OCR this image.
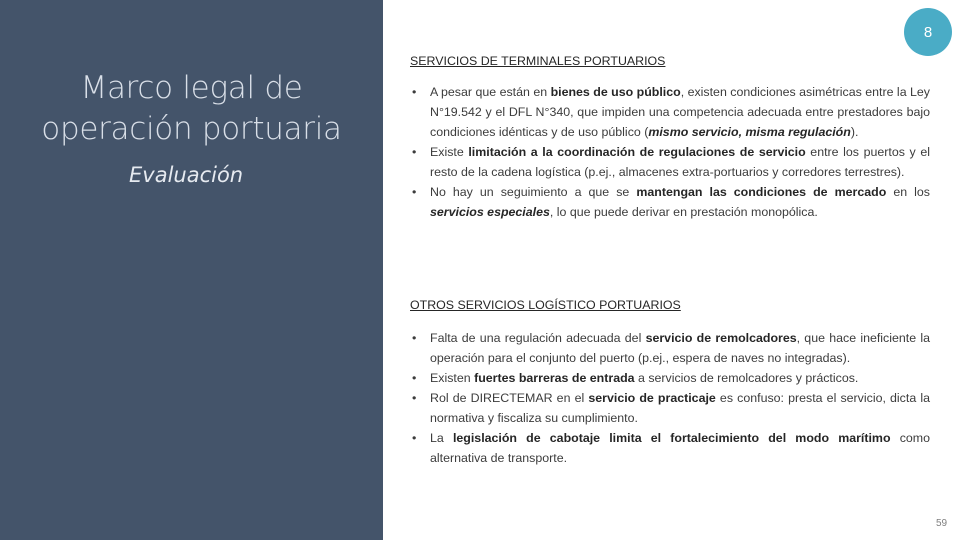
Marco legal de
operación portuaria
Evaluación
8
SERVICIOS DE TERMINALES PORTUARIOS
• A pesar que están en bienes de uso público, existen condiciones asimétricas entre la Ley N°19.542 y el DFL N°340, que impiden una competencia adecuada entre prestadores bajo condiciones idénticas y de uso público (mismo servicio, misma regulación).
• Existe limitación a la coordinación de regulaciones de servicio entre los puertos y el resto de la cadena logística (p.ej., almacenes extra-portuarios y corredores terrestres).
• No hay un seguimiento a que se mantengan las condiciones de mercado en los servicios especiales, lo que puede derivar en prestación monopólica.
OTROS SERVICIOS LOGÍSTICO PORTUARIOS
• Falta de una regulación adecuada del servicio de remolcadores, que hace ineficiente la operación para el conjunto del puerto (p.ej., espera de naves no integradas).
• Existen fuertes barreras de entrada a servicios de remolcadores y prácticos.
• Rol de DIRECTEMAR en el servicio de practicaje es confuso: presta el servicio, dicta la normativa y fiscaliza su cumplimiento.
• La legislación de cabotaje limita el fortalecimiento del modo marítimo como alternativa de transporte.
59
